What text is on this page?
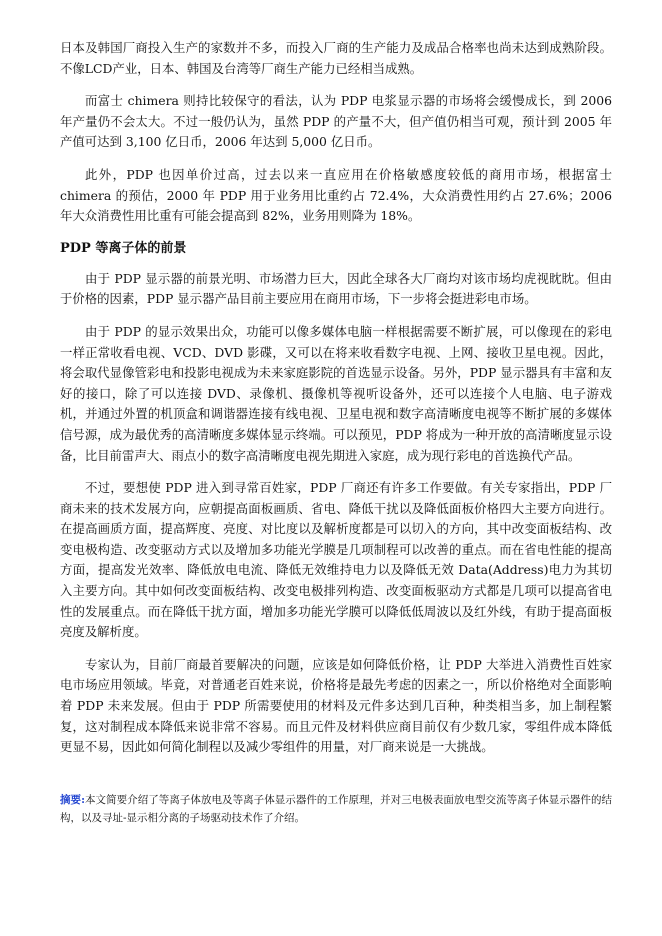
日本及韩国厂商投入生产的家数并不多，而投入厂商的生产能力及成品合格率也尚未达到成熟阶段。不像LCD产业，日本、韩国及台湾等厂商生产能力已经相当成熟。

而富士 chimera 则持比较保守的看法，认为 PDP 电浆显示器的市场将会缓慢成长，到 2006 年产量仍不会太大。不过一般仍认为，虽然 PDP 的产量不大，但产值仍相当可观，预计到 2005 年产值可达到 3,100 亿日币，2006 年达到 5,000 亿日币。

此外，PDP 也因单价过高，过去以来一直应用在价格敏感度较低的商用市场，根据富士 chimera 的预估，2000 年 PDP 用于业务用比重约占 72.4%，大众消费性用约占 27.6%；2006 年大众消费性用比重有可能会提高到 82%，业务用则降为 18%。

PDP 等离子体的前景

由于 PDP 显示器的前景光明、市场潜力巨大，因此全球各大厂商均对该市场均虎视眈眈。但由于价格的因素，PDP 显示器产品目前主要应用在商用市场，下一步将会挺进彩电市场。

由于 PDP 的显示效果出众，功能可以像多媒体电脑一样根据需要不断扩展，可以像现在的彩电一样正常收看电视、VCD、DVD 影碟，又可以在将来收看数字电视、上网、接收卫星电视。因此，将会取代显像管彩电和投影电视成为未来家庭影院的首选显示设备。另外，PDP 显示器具有丰富和友好的接口，除了可以连接 DVD、录像机、摄像机等视听设备外，还可以连接个人电脑、电子游戏机，并通过外置的机顶盒和调谐器连接有线电视、卫星电视和数字高清晰度电视等不断扩展的多媒体信号源，成为最优秀的高清晰度多媒体显示终端。可以预见，PDP 将成为一种开放的高清晰度显示设备，比目前雷声大、雨点小的数字高清晰度电视先期进入家庭，成为现行彩电的首选换代产品。

不过，要想使 PDP 进入到寻常百姓家，PDP 厂商还有许多工作要做。有关专家指出，PDP 厂商未来的技术发展方向，应朝提高面板画质、省电、降低干扰以及降低面板价格四大主要方向进行。在提高画质方面，提高辉度、亮度、对比度以及解析度都是可以切入的方向，其中改变面板结构、改变电极构造、改变驱动方式以及增加多功能光学膜是几项制程可以改善的重点。而在省电性能的提高方面，提高发光效率、降低放电电流、降低无效维持电力以及降低无效 Data(Address)电力为其切入主要方向。其中如何改变面板结构、改变电极排列构造、改变面板驱动方式都是几项可以提高省电性的发展重点。而在降低干扰方面，增加多功能光学膜可以降低低周波以及红外线，有助于提高面板亮度及解析度。

专家认为，目前厂商最首要解决的问题，应该是如何降低价格，让 PDP 大举进入消费性百姓家电市场应用领域。毕竟，对普通老百姓来说，价格将是最先考虑的因素之一，所以价格绝对全面影响着 PDP 未来发展。但由于 PDP 所需要使用的材料及元件多达到几百种，种类相当多，加上制程繁复，这对制程成本降低来说非常不容易。而且元件及材料供应商目前仅有少数几家，零组件成本降低更显不易，因此如何简化制程以及减少零组件的用量，对厂商来说是一大挑战。

摘要:本文简要介绍了等离子体放电及等离子体显示器件的工作原理，并对三电极表面放电型交流等离子体显示器件的结构，以及寻址-显示相分离的子场驱动技术作了介绍。
